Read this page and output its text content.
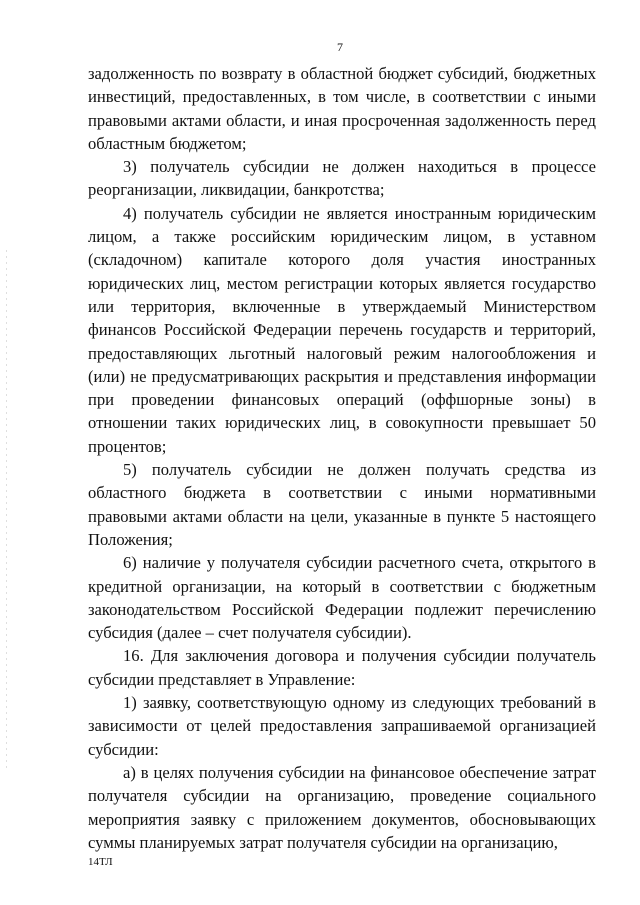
7

задолженность по возврату в областной бюджет субсидий, бюджетных инвестиций, предоставленных, в том числе, в соответствии с иными правовыми актами области, и иная просроченная задолженность перед областным бюджетом;

3) получатель субсидии не должен находиться в процессе реорганизации, ликвидации, банкротства;

4) получатель субсидии не является иностранным юридическим лицом, а также российским юридическим лицом, в уставном (складочном) капитале которого доля участия иностранных юридических лиц, местом регистрации которых является государство или территория, включенные в утверждаемый Министерством финансов Российской Федерации перечень государств и территорий, предоставляющих льготный налоговый режим налогообложения и (или) не предусматривающих раскрытия и представления информации при проведении финансовых операций (оффшорные зоны) в отношении таких юридических лиц, в совокупности превышает 50 процентов;

5) получатель субсидии не должен получать средства из областного бюджета в соответствии с иными нормативными правовыми актами области на цели, указанные в пункте 5 настоящего Положения;

6) наличие у получателя субсидии расчетного счета, открытого в кредитной организации, на который в соответствии с бюджетным законодательством Российской Федерации подлежит перечислению субсидия (далее – счет получателя субсидии).

16. Для заключения договора и получения субсидии получатель субсидии представляет в Управление:

1) заявку, соответствующую одному из следующих требований в зависимости от целей предоставления запрашиваемой организацией субсидии:

а) в целях получения субсидии на финансовое обеспечение затрат получателя субсидии на организацию, проведение социального мероприятия заявку с приложением документов, обосновывающих суммы планируемых затрат получателя субсидии на организацию,

14ТЛ
